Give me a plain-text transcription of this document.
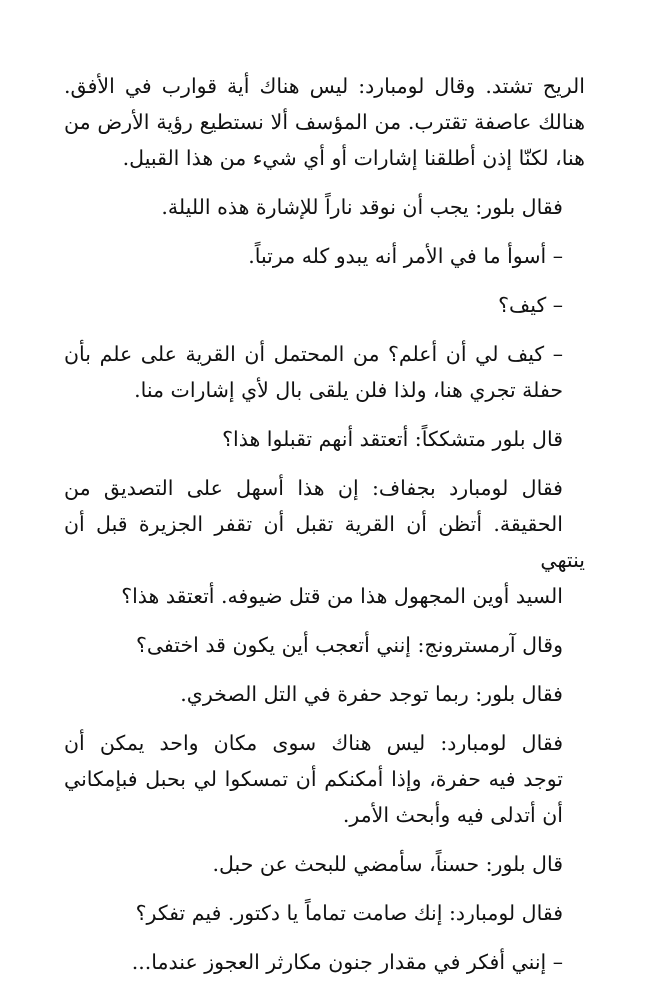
الريح تشتد. وقال لومبارد: ليس هناك أية قوارب في الأفق.
هنالك عاصفة تقترب. من المؤسف ألا نستطيع رؤية الأرض من
هنا، لكنّا إذن أطلقنا إشارات أو أي شيء من هذا القبيل.

فقال بلور: يجب أن نوقد ناراً للإشارة هذه الليلة.

– أسوأ ما في الأمر أنه يبدو كله مرتباً.

– كيف؟

– كيف لي أن أعلم؟ من المحتمل أن القرية على علم بأن
حفلة تجري هنا، ولذا فلن يلقى بال لأي إشارات منا.

قال بلور متشككاً: أتعتقد أنهم تقبلوا هذا؟

فقال لومبارد بجفاف: إن هذا أسهل على التصديق من
الحقيقة. أتظن أن القرية تقبل أن تقفر الجزيرة قبل أن ينتهي
السيد أوين المجهول هذا من قتل ضيوفه. أتعتقد هذا؟

وقال آرمسترونج: إنني أتعجب أين يكون قد اختفى؟

فقال بلور: ربما توجد حفرة في التل الصخري.

فقال لومبارد: ليس هناك سوى مكان واحد يمكن أن
توجد فيه حفرة، وإذا أمكنكم أن تمسكوا لي بحبل فبإمكاني
أن أتدلى فيه وأبحث الأمر.

قال بلور: حسناً، سأمضي للبحث عن حبل.

فقال لومبارد: إنك صامت تماماً يا دكتور. فيم تفكر؟

– إنني أفكر في مقدار جنون مكارثر العجوز عندما...
